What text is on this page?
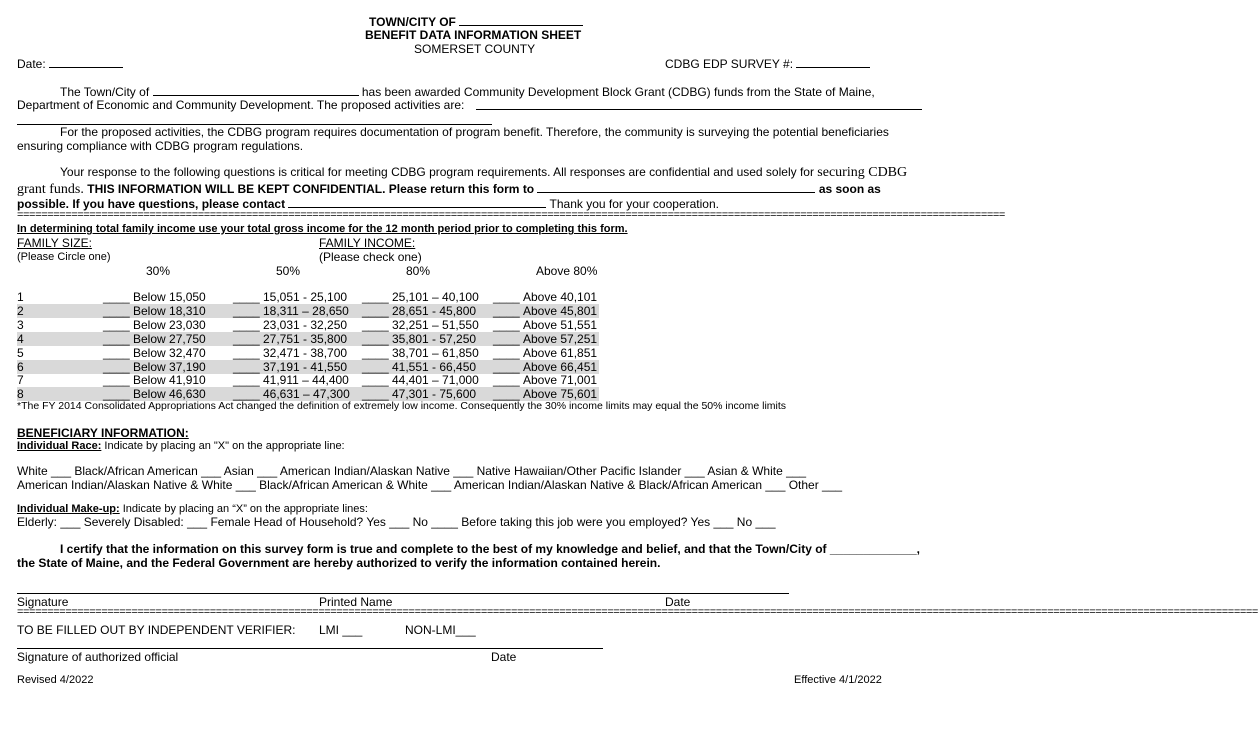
TOWN/CITY OF
BENEFIT DATA INFORMATION SHEET
SOMERSET COUNTY
Date:	CDBG EDP SURVEY #:
The Town/City of	has been awarded Community Development Block Grant (CDBG) funds from the State of Maine,
Department of Economic and Community Development. The proposed activities are:
For the proposed activities, the CDBG program requires documentation of program benefit. Therefore, the community is surveying the potential beneficiaries
ensuring compliance with CDBG program regulations.
Your response to the following questions is critical for meeting CDBG program requirements. All responses are confidential and used solely for securing CDBG
grant funds. THIS INFORMATION WILL BE KEPT CONFIDENTIAL. Please return this form to	as soon as
possible. If you have questions, please contact	Thank you for your cooperation.
====================================================================================================================================================================
In determining total family income use your total gross income for the 12 month period prior to completing this form.
FAMILY SIZE:	FAMILY INCOME:
(Please Circle one)	(Please check one)
30%	50%	80%	Above 80%
1	____ Below 15,050 ____ 15,051 - 25,100 ____ 25,101 – 40,100 ____ Above 40,101
2	____ Below 18,310 ____ 18,311 – 28,650 ____ 28,651 - 45,800 ____ Above 45,801
3	____ Below 23,030 ____ 23,031 - 32,250 ____ 32,251 – 51,550 ____ Above 51,551
4	____ Below 27,750 ____ 27,751 - 35,800 ____ 35,801 - 57,250 ____ Above 57,251
5	____ Below 32,470 ____ 32,471 - 38,700 ____ 38,701 – 61,850 ____ Above 61,851
6	____ Below 37,190 ____ 37,191 - 41,550 ____ 41,551 - 66,450 ____ Above 66,451
7	____ Below 41,910 ____ 41,911 – 44,400 ____ 44,401 – 71,000 ____ Above 71,001
8	____ Below 46,630 ____ 46,631 – 47,300 ____ 47,301 - 75,600 ____ Above 75,601
*The FY 2014 Consolidated Appropriations Act changed the definition of extremely low income. Consequently the 30% income limits may equal the 50% income limits
BENEFICIARY INFORMATION:
Individual Race: Indicate by placing an "X" on the appropriate line:
White ___ Black/African American ___ Asian ___ American Indian/Alaskan Native ___ Native Hawaiian/Other Pacific Islander ___ Asian & White ___
American Indian/Alaskan Native & White ___ Black/African American & White ___ American Indian/Alaskan Native & Black/African American ___ Other ___
Individual Make-up: Indicate by placing an “X” on the appropriate lines:
Elderly: ___ Severely Disabled: ___ Female Head of Household? Yes ___ No ____ Before taking this job were you employed? Yes ___ No ___
I certify that the information on this survey form is true and complete to the best of my knowledge and belief, and that the Town/City of _____________,
the State of Maine, and the Federal Government are hereby authorized to verify the information contained herein.
Signature	Printed Name	Date
==============================================================================================================================================================================================================
TO BE FILLED OUT BY INDEPENDENT VERIFIER: LMI ___	NON-LMI___
Signature of authorized official	Date
Revised 4/2022	Effective 4/1/2022
